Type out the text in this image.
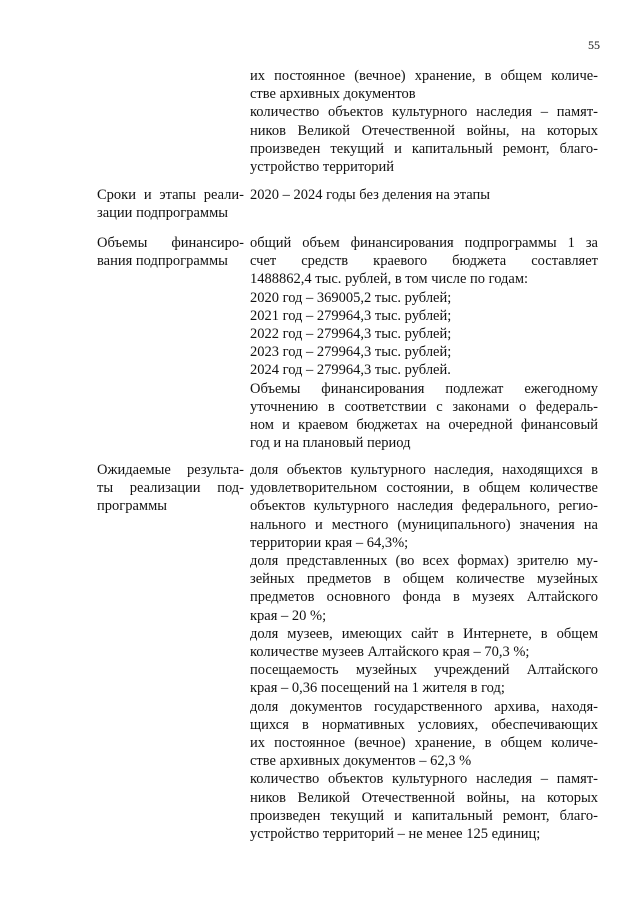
55
их постоянное (вечное) хранение, в общем количе-
стве архивных документов
количество объектов культурного наследия – памят-
ников Великой Отечественной войны, на которых
произведен текущий и капитальный ремонт, благо-
устройство территорий
Сроки и этапы реали-
зации подпрограммы
2020 – 2024 годы без деления на этапы
Объемы финансиро-
вания подпрограммы
общий объем финансирования подпрограммы 1 за
счет средств краевого бюджета составляет
1488862,4 тыс. рублей, в том числе по годам:
2020 год – 369005,2 тыс. рублей;
2021 год – 279964,3 тыс. рублей;
2022 год – 279964,3 тыс. рублей;
2023 год – 279964,3 тыс. рублей;
2024 год – 279964,3 тыс. рублей.
Объемы финансирования подлежат ежегодному
уточнению в соответствии с законами о федераль-
ном и краевом бюджетах на очередной финансовый
год и на плановый период
Ожидаемые результа-
ты реализации под-
программы
доля объектов культурного наследия, находящихся в
удовлетворительном состоянии, в общем количестве
объектов культурного наследия федерального, регио-
нального и местного (муниципального) значения на
территории края – 64,3%;
доля представленных (во всех формах) зрителю му-
зейных предметов в общем количестве музейных
предметов основного фонда в музеях Алтайского
края – 20 %;
доля музеев, имеющих сайт в Интернете, в общем
количестве музеев Алтайского края – 70,3 %;
посещаемость музейных учреждений Алтайского
края – 0,36 посещений на 1 жителя в год;
доля документов государственного архива, находя-
щихся в нормативных условиях, обеспечивающих
их постоянное (вечное) хранение, в общем количе-
стве архивных документов – 62,3 %
количество объектов культурного наследия – памят-
ников Великой Отечественной войны, на которых
произведен текущий и капитальный ремонт, благо-
устройство территорий – не менее 125 единиц;
